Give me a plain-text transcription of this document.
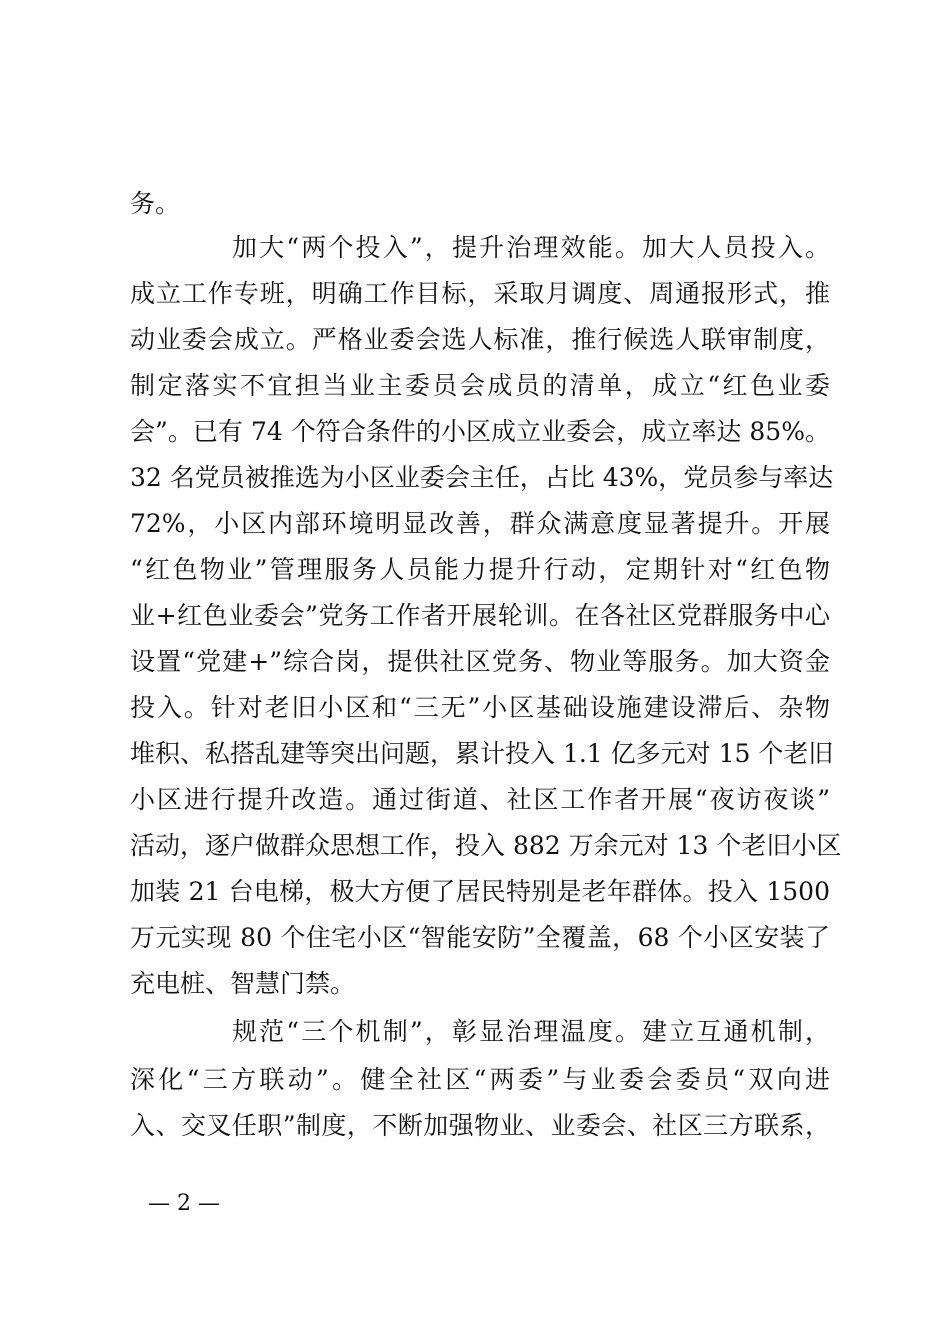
务。
加大“两个投入”，提升治理效能。加大人员投入。
成立工作专班，明确工作目标，采取月调度、周通报形式，推
动业委会成立。严格业委会选人标准，推行候选人联审制度，
制定落实不宜担当业主委员会成员的清单，成立“红色业委
会”。已有 74 个符合条件的小区成立业委会，成立率达 85%。
32 名党员被推选为小区业委会主任，占比 43%，党员参与率达
72%，小区内部环境明显改善，群众满意度显著提升。开展
“红色物业”管理服务人员能力提升行动，定期针对“红色物
业+红色业委会”党务工作者开展轮训。在各社区党群服务中心
设置“党建+”综合岗，提供社区党务、物业等服务。加大资金
投入。针对老旧小区和“三无”小区基础设施建设滞后、杂物
堆积、私搭乱建等突出问题，累计投入 1.1 亿多元对 15 个老旧
小区进行提升改造。通过街道、社区工作者开展“夜访夜谈”
活动，逐户做群众思想工作，投入 882 万余元对 13 个老旧小区
加装 21 台电梯，极大方便了居民特别是老年群体。投入 1500
万元实现 80 个住宅小区“智能安防”全覆盖，68 个小区安装了
充电桩、智慧门禁。
规范“三个机制”，彰显治理温度。建立互通机制，
深化“三方联动”。健全社区“两委”与业委会委员“双向进
入、交叉任职”制度，不断加强物业、业委会、社区三方联系，
— 2 —
